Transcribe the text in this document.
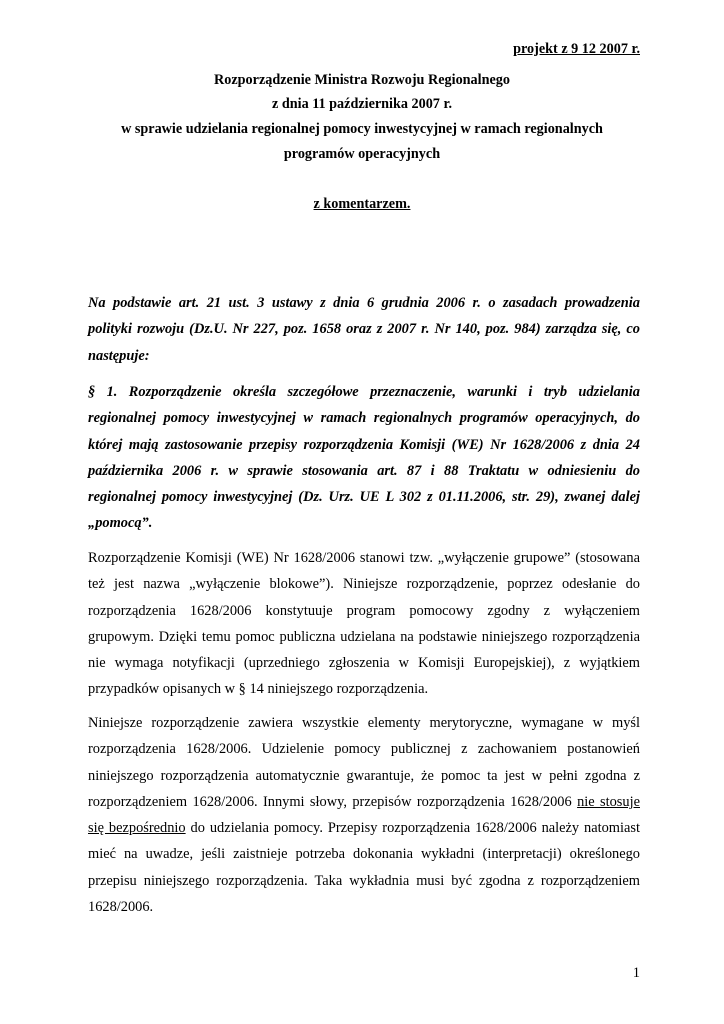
projekt z 9 12 2007 r.
Rozporządzenie Ministra Rozwoju Regionalnego
z dnia 11 października 2007 r.
w sprawie udzielania regionalnej pomocy inwestycyjnej w ramach regionalnych
programów operacyjnych
z komentarzem.
Na podstawie art. 21 ust. 3 ustawy z dnia 6 grudnia 2006 r. o zasadach prowadzenia
polityki rozwoju (Dz.U. Nr 227, poz. 1658 oraz z 2007 r. Nr 140, poz. 984) zarządza się, co
następuje:
§ 1. Rozporządzenie określa szczegółowe przeznaczenie, warunki i tryb udzielania
regionalnej pomocy inwestycyjnej w ramach regionalnych programów operacyjnych, do
której mają zastosowanie przepisy rozporządzenia Komisji (WE) Nr 1628/2006 z dnia 24
października 2006 r. w sprawie stosowania art. 87 i 88 Traktatu w odniesieniu do
regionalnej pomocy inwestycyjnej (Dz. Urz. UE L 302 z 01.11.2006, str. 29), zwanej dalej
„pomocą”.
Rozporządzenie Komisji (WE) Nr 1628/2006 stanowi tzw. „wyłączenie grupowe” (stosowana
też jest nazwa „wyłączenie blokowe”). Niniejsze rozporządzenie, poprzez odesłanie do
rozporządzenia 1628/2006 konstytuuje program pomocowy zgodny z wyłączeniem
grupowym. Dzięki temu pomoc publiczna udzielana na podstawie niniejszego rozporządzenia
nie wymaga notyfikacji (uprzedniego zgłoszenia w Komisji Europejskiej), z wyjątkiem
przypadków opisanych w § 14 niniejszego rozporządzenia.
Niniejsze rozporządzenie zawiera wszystkie elementy merytoryczne, wymagane w myśl
rozporządzenia 1628/2006. Udzielenie pomocy publicznej z zachowaniem postanowień
niniejszego rozporządzenia automatycznie gwarantuje, że pomoc ta jest w pełni zgodna z
rozporządzeniem 1628/2006. Innymi słowy, przepisów rozporządzenia 1628/2006 nie stosuje
się bezpośrednio do udzielania pomocy. Przepisy rozporządzenia 1628/2006 należy natomiast
mieć na uwadze, jeśli zaistnieje potrzeba dokonania wykładni (interpretacji) określonego
przepisu niniejszego rozporządzenia. Taka wykładnia musi być zgodna z rozporządzeniem
1628/2006.
1
